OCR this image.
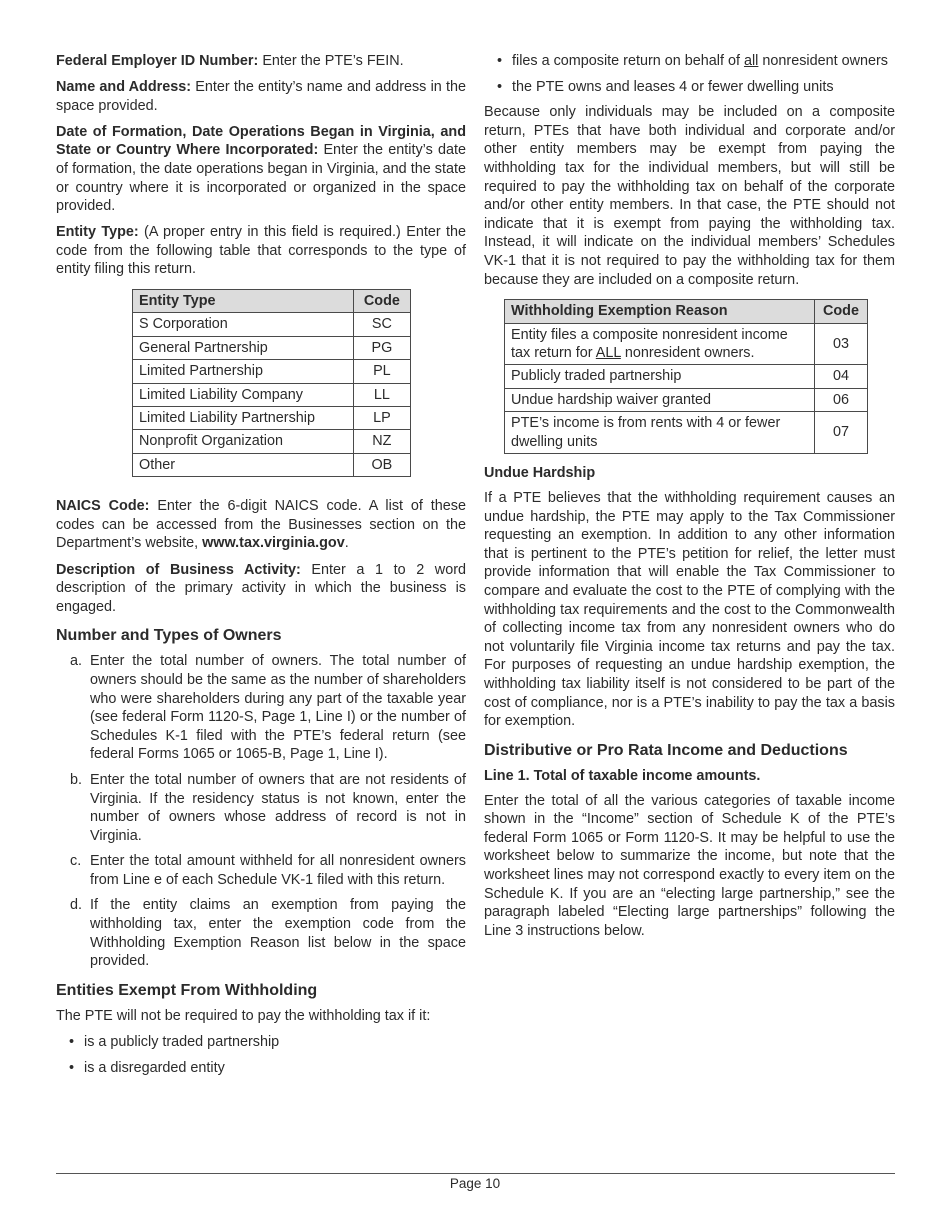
Federal Employer ID Number: Enter the PTE’s FEIN.

Name and Address: Enter the entity’s name and address in the space provided.

Date of Formation, Date Operations Began in Virginia, and State or Country Where Incorporated: Enter the entity’s date of formation, the date operations began in Virginia, and the state or country where it is incorporated or organized in the space provided.

Entity Type: (A proper entry in this field is required.) Enter the code from the following table that corresponds to the type of entity filing this return.

Entity Type	Code
S Corporation	SC
General Partnership	PG
Limited Partnership	PL
Limited Liability Company	LL
Limited Liability Partnership	LP
Nonprofit Organization	NZ
Other	OB

NAICS Code: Enter the 6-digit NAICS code. A list of these codes can be accessed from the Businesses section on the Department’s website, www.tax.virginia.gov.

Description of Business Activity: Enter a 1 to 2 word description of the primary activity in which the business is engaged.

Number and Types of Owners
a. Enter the total number of owners. The total number of owners should be the same as the number of shareholders who were shareholders during any part of the taxable year (see federal Form 1120-S, Page 1, Line I) or the number of Schedules K-1 filed with the PTE’s federal return (see federal Forms 1065 or 1065-B, Page 1, Line I).
b. Enter the total number of owners that are not residents of Virginia. If the residency status is not known, enter the number of owners whose address of record is not in Virginia.
c. Enter the total amount withheld for all nonresident owners from Line e of each Schedule VK-1 filed with this return.
d. If the entity claims an exemption from paying the withholding tax, enter the exemption code from the Withholding Exemption Reason list below in the space provided.
Entities Exempt From Withholding

The PTE will not be required to pay the withholding tax if it:

• is a publicly traded partnership
• is a disregarded entity
• files a composite return on behalf of all nonresident owners
• the PTE owns and leases 4 or fewer dwelling units

Because only individuals may be included on a composite return, PTEs that have both individual and corporate and/or other entity members may be exempt from paying the withholding tax for the individual members, but will still be required to pay the withholding tax on behalf of the corporate and/or other entity members. In that case, the PTE should not indicate that it is exempt from paying the withholding tax. Instead, it will indicate on the individual members’ Schedules VK-1 that it is not required to pay the withholding tax for them because they are included on a composite return.

Withholding Exemption Reason	Code
Entity files a composite nonresident income tax return for ALL nonresident owners.	03
Publicly traded partnership	04
Undue hardship waiver granted	06
PTE’s income is from rents with 4 or fewer dwelling units	07
Undue Hardship

If a PTE believes that the withholding requirement causes an undue hardship, the PTE may apply to the Tax Commissioner requesting an exemption. In addition to any other information that is pertinent to the PTE’s petition for relief, the letter must provide information that will enable the Tax Commissioner to compare and evaluate the cost to the PTE of complying with the withholding tax requirements and the cost to the Commonwealth of collecting income tax from any nonresident owners who do not voluntarily file Virginia income tax returns and pay the tax. For purposes of requesting an undue hardship exemption, the withholding tax liability itself is not considered to be part of the cost of compliance, nor is a PTE’s inability to pay the tax a basis for exemption.

Distributive or Pro Rata Income and Deductions
Line 1. Total of taxable income amounts.

Enter the total of all the various categories of taxable income shown in the “Income” section of Schedule K of the PTE’s federal Form 1065 or Form 1120-S. It may be helpful to use the worksheet below to summarize the income, but note that the worksheet lines may not correspond exactly to every item on the Schedule K. If you are an “electing large partnership,” see the paragraph labeled “Electing large partnerships” following the Line 3 instructions below.

Page 10
